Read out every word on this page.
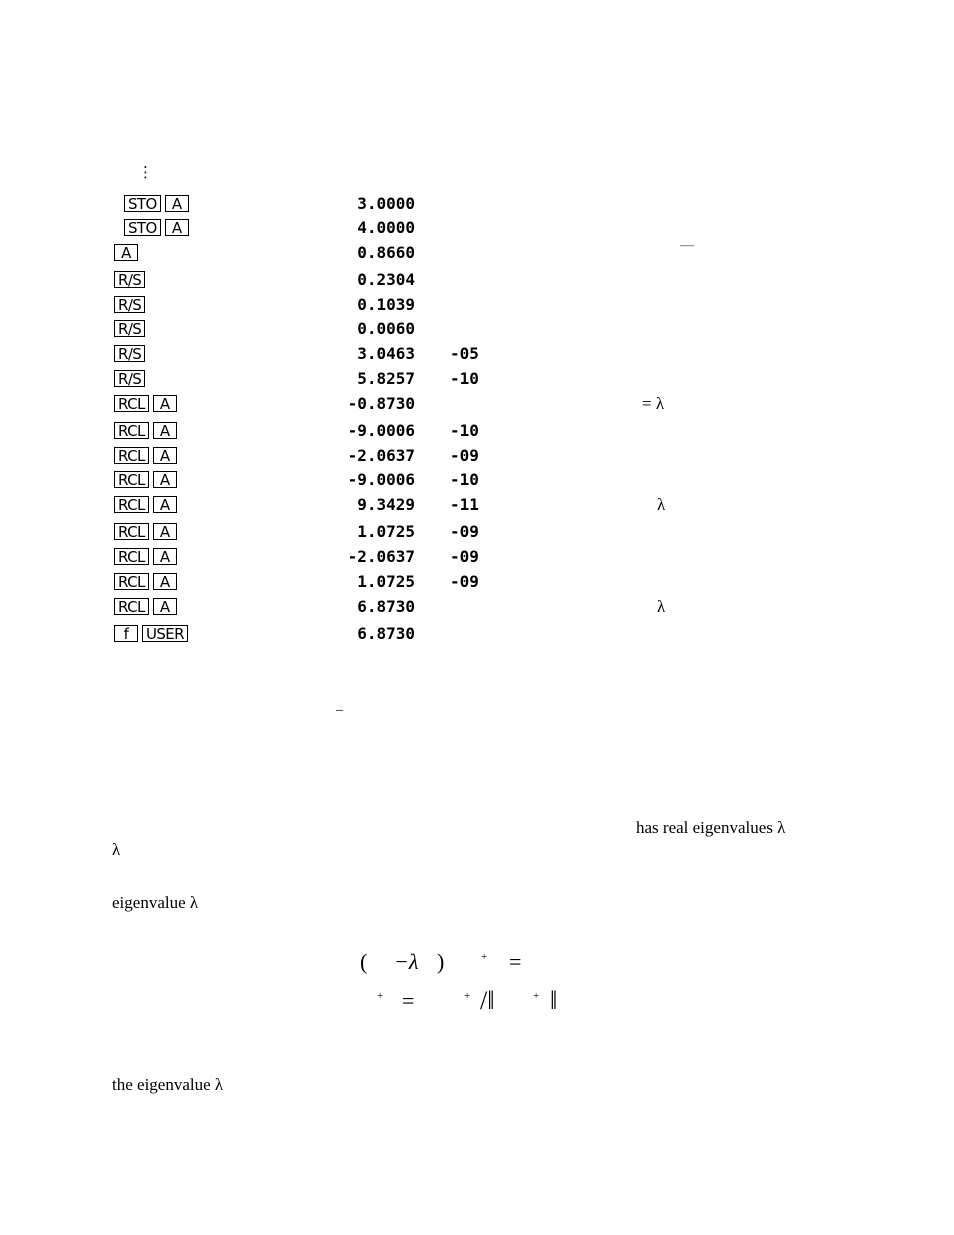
⋮
STO	A	3.0000
STO	A	4.0000
A	0.8660	—
R/S	0.2304
R/S	0.1039
R/S	0.0060
R/S	3.0463 -05
R/S	5.8257 -10
RCL	A	-0.8730	= λ
RCL	A	-9.0006 -10
RCL	A	-2.0637 -09
RCL	A	-9.0006 -10
RCL	A	9.3429 -11	λ
RCL	A	1.0725 -09
RCL	A	-2.0637 -09
RCL	A	1.0725 -09
RCL	A	6.8730	λ
f	USER	6.8730
_
has real eigenvalues λ
λ
eigenvalue λ
( −λ )	+ =
+ =	+ /‖	+ ‖
the eigenvalue λ
